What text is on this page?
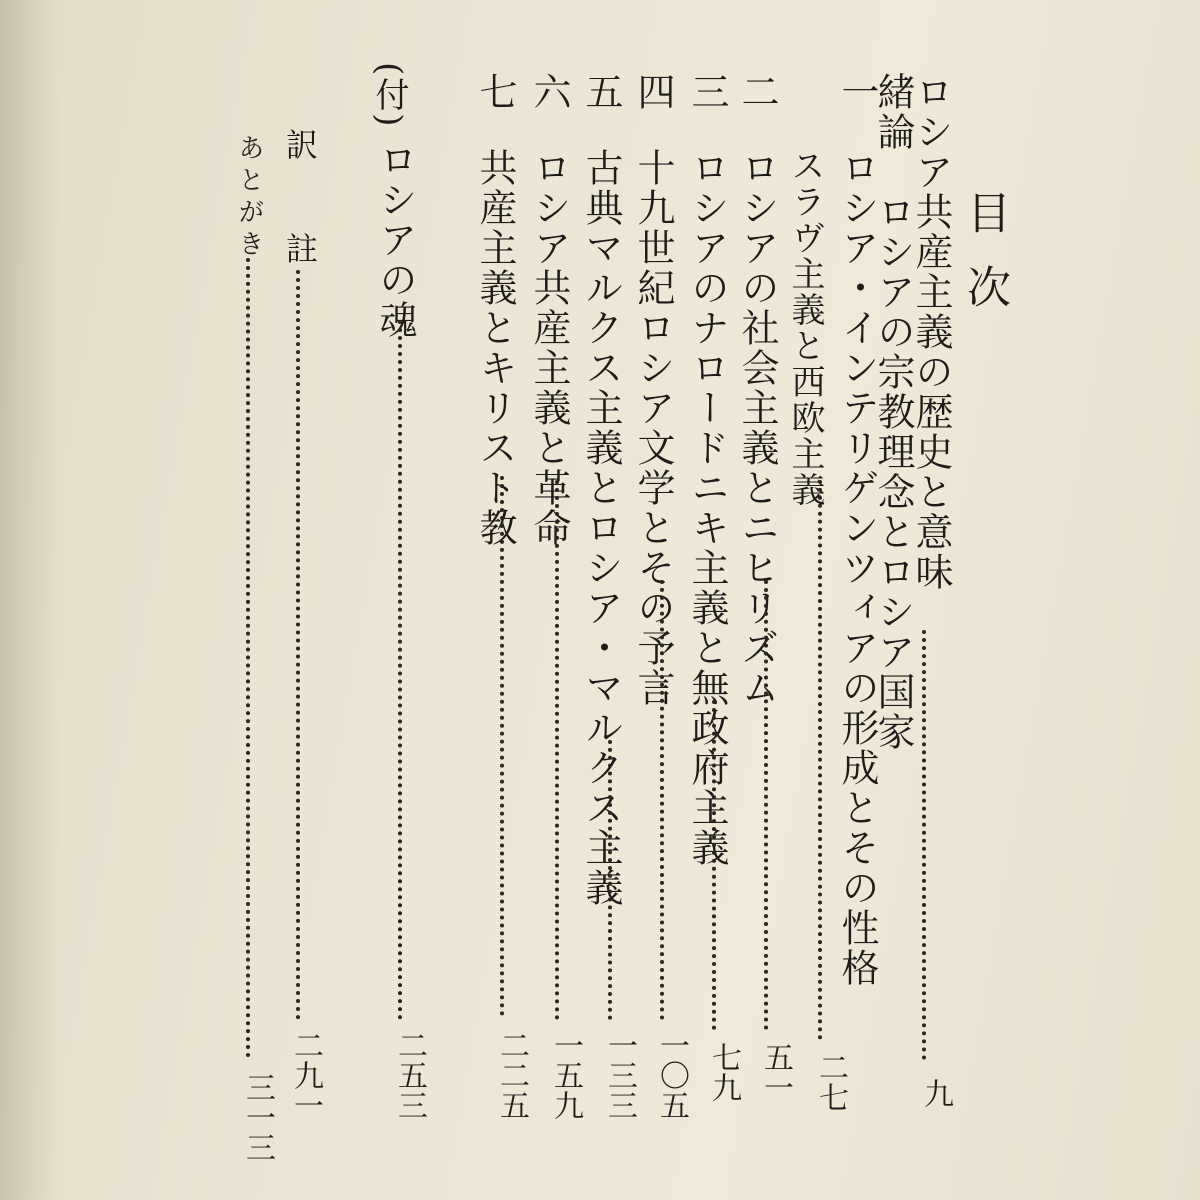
目次
ロシア共産主義の歴史と意味
緒論　ロシアの宗教理念とロシア国家
九
一
ロシア・インテリゲンツィアの形成とその性格
スラヴ主義と西欧主義
二七
二
ロシアの社会主義とニヒリズム
五一
三
ロシアのナロードニキ主義と無政府主義
七九
四
十九世紀ロシア文学とその予言
一〇五
五
古典マルクス主義とロシア・マルクス主義
一三三
六
ロシア共産主義と革命
一五九
七
共産主義とキリスト教
二二五
(付)
ロシアの魂
二五三
訳　註
二九一
あとがき
三一三
